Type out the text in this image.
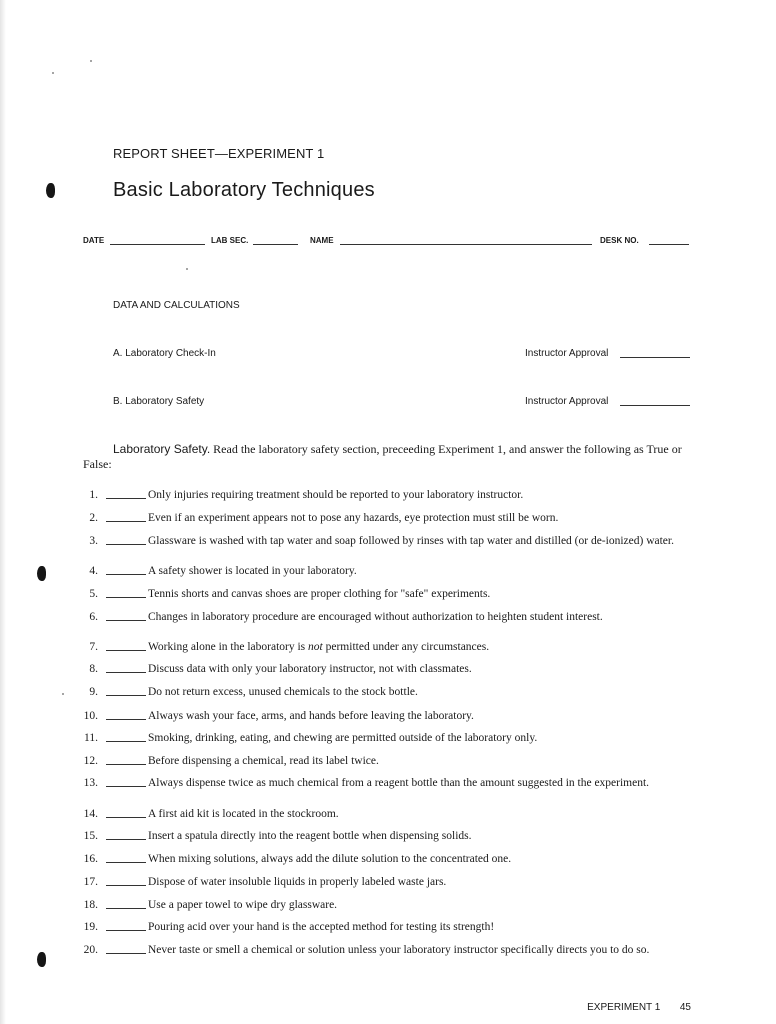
REPORT SHEET—EXPERIMENT 1
Basic Laboratory Techniques
DATE	LAB SEC.	NAME	DESK NO.
DATA AND CALCULATIONS
A. Laboratory Check-In	Instructor Approval
B. Laboratory Safety	Instructor Approval
Laboratory Safety. Read the laboratory safety section, preceeding Experiment 1, and answer the following as True or False:
1.	Only injuries requiring treatment should be reported to your laboratory instructor.
2.	Even if an experiment appears not to pose any hazards, eye protection must still be worn.
3.	Glassware is washed with tap water and soap followed by rinses with tap water and distilled (or de-ionized) water.
4.	A safety shower is located in your laboratory.
5.	Tennis shorts and canvas shoes are proper clothing for "safe" experiments.
6.	Changes in laboratory procedure are encouraged without authorization to heighten student interest.
7.	Working alone in the laboratory is not permitted under any circumstances.
8.	Discuss data with only your laboratory instructor, not with classmates.
9.	Do not return excess, unused chemicals to the stock bottle.
10.	Always wash your face, arms, and hands before leaving the laboratory.
11.	Smoking, drinking, eating, and chewing are permitted outside of the laboratory only.
12.	Before dispensing a chemical, read its label twice.
13.	Always dispense twice as much chemical from a reagent bottle than the amount suggested in the experiment.
14.	A first aid kit is located in the stockroom.
15.	Insert a spatula directly into the reagent bottle when dispensing solids.
16.	When mixing solutions, always add the dilute solution to the concentrated one.
17.	Dispose of water insoluble liquids in properly labeled waste jars.
18.	Use a paper towel to wipe dry glassware.
19.	Pouring acid over your hand is the accepted method for testing its strength!
20.	Never taste or smell a chemical or solution unless your laboratory instructor specifically directs you to do so.
EXPERIMENT 1 45
